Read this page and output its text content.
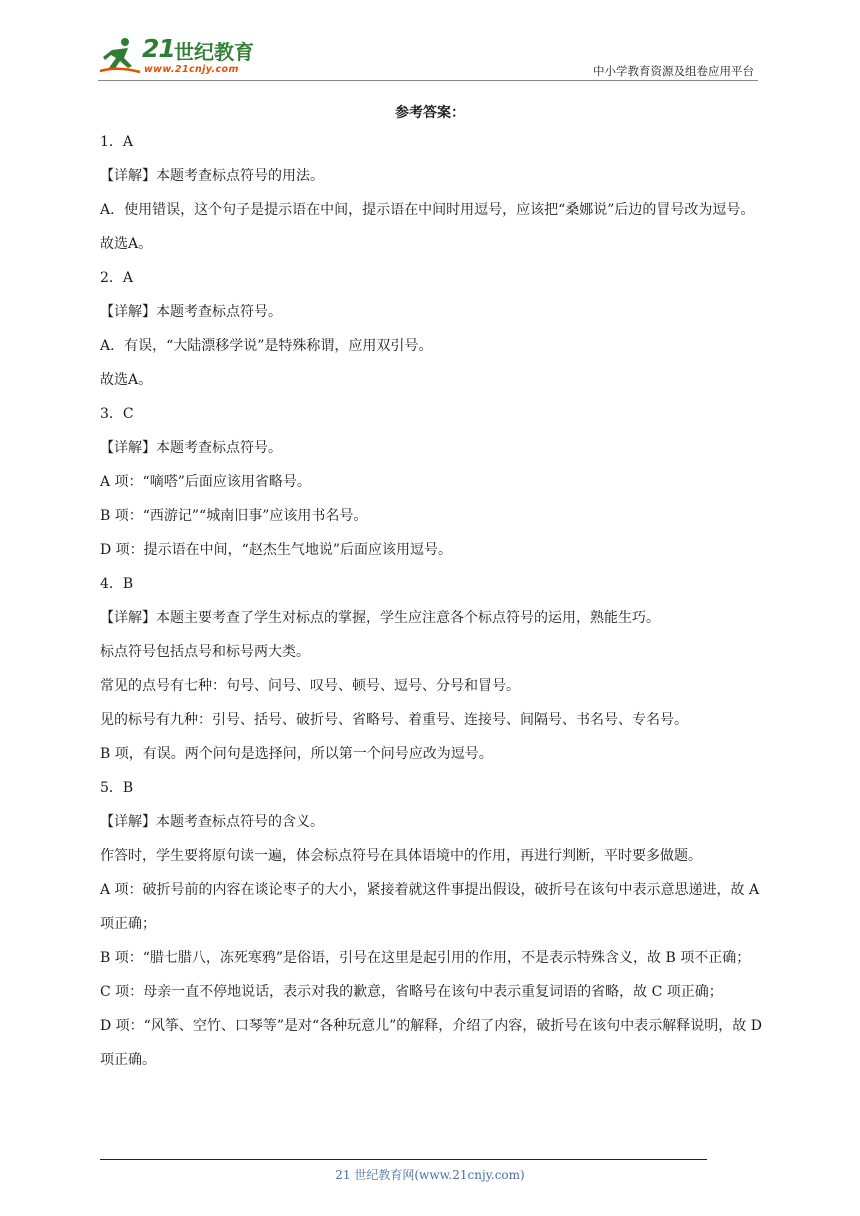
21 世纪教育
www.21cnjy.com	中小学教育资源及组卷应用平台
参考答案：
1．A
【详解】本题考查标点符号的用法。
A．使用错误，这个句子是提示语在中间，提示语在中间时用逗号，应该把“桑娜说”后边的冒号改为逗号。
故选A。
2．A
【详解】本题考查标点符号。
A．有误，“大陆漂移学说”是特殊称谓，应用双引号。
故选A。
3．C
【详解】本题考查标点符号。
A 项：“嘀嗒”后面应该用省略号。
B 项：“西游记”“城南旧事”应该用书名号。
D 项：提示语在中间，“赵杰生气地说”后面应该用逗号。
4．B
【详解】本题主要考查了学生对标点的掌握，学生应注意各个标点符号的运用，熟能生巧。
标点符号包括点号和标号两大类。
常见的点号有七种：句号、问号、叹号、顿号、逗号、分号和冒号。
见的标号有九种：引号、括号、破折号、省略号、着重号、连接号、间隔号、书名号、专名号。
B 项，有误。两个问句是选择问，所以第一个问号应改为逗号。
5．B
【详解】本题考查标点符号的含义。
作答时，学生要将原句读一遍，体会标点符号在具体语境中的作用，再进行判断，平时要多做题。
A 项：破折号前的内容在谈论枣子的大小，紧接着就这件事提出假设，破折号在该句中表示意思递进，故 A 项正确；
B 项：“腊七腊八，冻死寒鸦”是俗语，引号在这里是起引用的作用，不是表示特殊含义，故 B 项不正确；
C 项：母亲一直不停地说话，表示对我的歉意，省略号在该句中表示重复词语的省略，故 C 项正确；
D 项：“风筝、空竹、口琴等”是对“各种玩意儿”的解释，介绍了内容，破折号在该句中表示解释说明，故 D 项正确。
21 世纪教育网(www.21cnjy.com)
